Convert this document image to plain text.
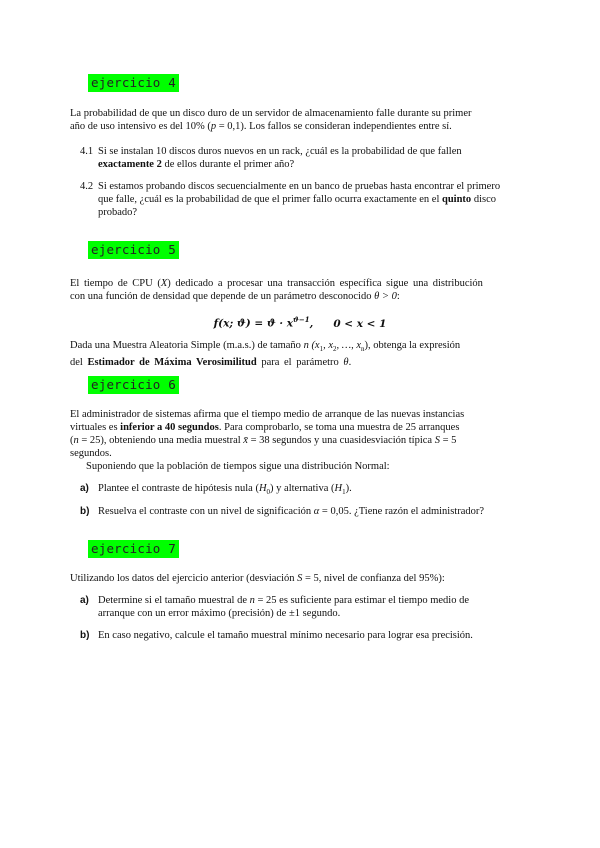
ejercicio 4
La probabilidad de que un disco duro de un servidor de almacenamiento falle durante su primer
año de uso intensivo es del 10% (p = 0,1). Los fallos se consideran independientes entre sí.
4.1 Si se instalan 10 discos duros nuevos en un rack, ¿cuál es la probabilidad de que fallen
exactamente 2 de ellos durante el primer año?
4.2 Si estamos probando discos secuencialmente en un banco de pruebas hasta encontrar el primero
que falle, ¿cuál es la probabilidad de que el primer fallo ocurra exactamente en el quinto disco
probado?
ejercicio 5
El tiempo de CPU (X) dedicado a procesar una transacción específica sigue una distribución
con una función de densidad que depende de un parámetro desconocido θ > 0:
f(x; $ϑ) = ϑ \cdot x^{ϑ-1}$, 0 < x < 1
Dada una Muestra Aleatoria Simple (m.a.s.) de tamaño n ($x_1$, $x_2$, …, $x_n$), obtenga la expresión
del Estimador de Máxima Verosimilitud para el parámetro θ.
ejercicio 6
El administrador de sistemas afirma que el tiempo medio de arranque de las nuevas instancias
virtuales es inferior a 40 segundos. Para comprobarlo, se toma una muestra de 25 arranques
(n = 25), obteniendo una media muestral x̄ = 38 segundos y una cuasidesviación típica S = 5
segundos.
Suponiendo que la población de tiempos sigue una distribución Normal:
a) Plantee el contraste de hipótesis nula $(H_0)$ y alternativa $(H_1)$.
b) Resuelva el contraste con un nivel de significación α = 0,05. ¿Tiene razón el administrador?
ejercicio 7
Utilizando los datos del ejercicio anterior (desviación S = 5, nivel de confianza del 95%):
a) Determine si el tamaño muestral de n = 25 es suficiente para estimar el tiempo medio de
arranque con un error máximo (precisión) de ±1 segundo.
b) En caso negativo, calcule el tamaño muestral mínimo necesario para lograr esa precisión.
